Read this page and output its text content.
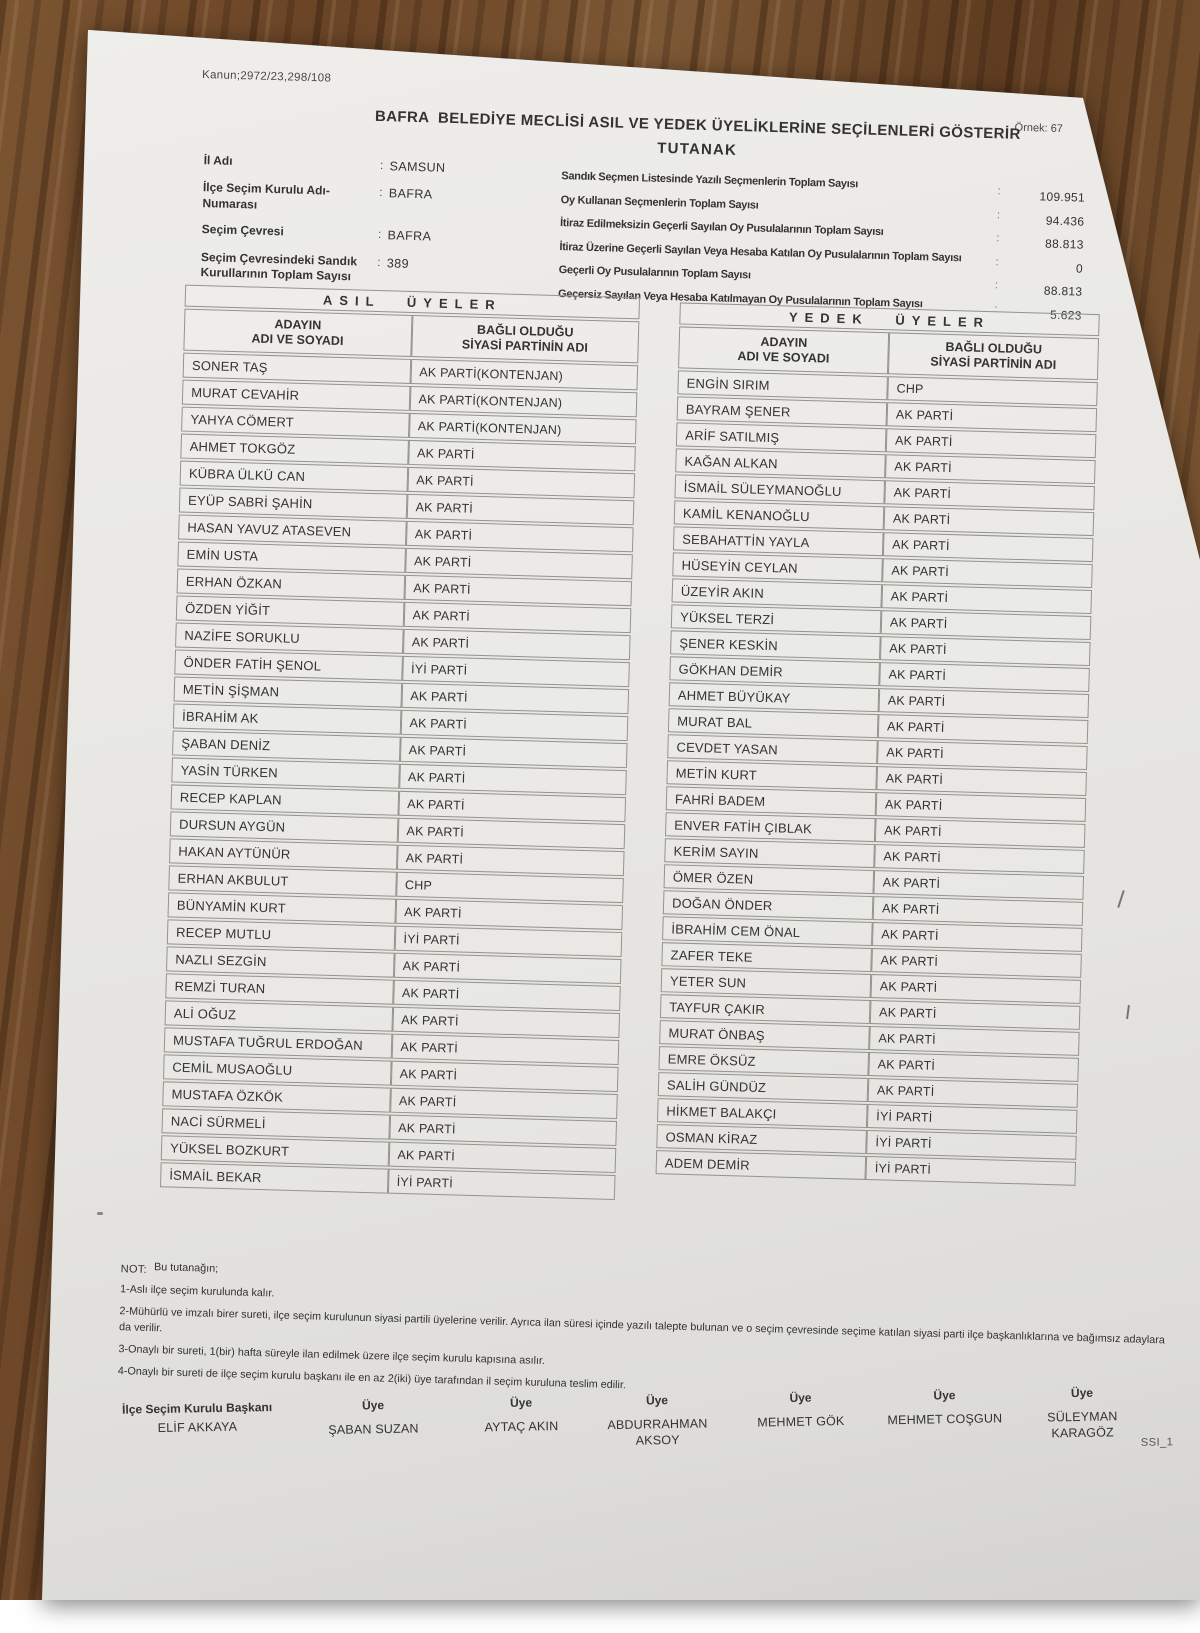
Kanun;2972/23,298/108
Örnek: 67
BAFRA  BELEDİYE MECLİSİ ASIL VE YEDEK ÜYELİKLERİNE SEÇİLENLERİ GÖSTERİR
TUTANAK
İl Adı	: SAMSUN
İlçe Seçim Kurulu Adı-Numarası
: BAFRA
Seçim Çevresi	: BAFRA
Seçim Çevresindeki Sandık Kurullarının Toplam Sayısı
: 389
Sandık Seçmen Listesinde Yazılı Seçmenlerin Toplam Sayısı
:	109.951
Oy Kullanan Seçmenlerin Toplam Sayısı
:	94.436
İtiraz Edilmeksizin Geçerli Sayılan Oy Pusulalarının Toplam Sayısı
:	88.813
İtiraz Üzerine Geçerli Sayılan Veya Hesaba Katılan Oy Pusulalarının Toplam Sayısı	:	0
Geçerli Oy Pusulalarının Toplam Sayısı
:	88.813
Geçersiz Sayılan Veya Hesaba Katılmayan Oy Pusulalarının Toplam Sayısı	:	5.623
ASIL ÜYELER	

ADAYIN
ADI VE SOYADI

BAĞLI OLDUĞU
SİYASİ PARTİNİN ADI

SONER TAŞ	AK PARTİ(KONTENJAN)
MURAT CEVAHİR	AK PARTİ(KONTENJAN)
YAHYA CÖMERT	AK PARTİ(KONTENJAN)
AHMET TOKGÖZ	AK PARTİ
KÜBRA ÜLKÜ CAN	AK PARTİ
EYÜP SABRİ ŞAHİN	AK PARTİ
HASAN YAVUZ ATASEVEN	AK PARTİ
EMİN USTA	AK PARTİ
ERHAN ÖZKAN	AK PARTİ
ÖZDEN YİĞİT	AK PARTİ
NAZİFE SORUKLU	AK PARTİ
ÖNDER FATİH ŞENOL	İYİ PARTİ
METİN ŞİŞMAN	AK PARTİ
İBRAHİM AK	AK PARTİ
ŞABAN DENİZ	AK PARTİ
YASİN TÜRKEN	AK PARTİ
RECEP KAPLAN	AK PARTİ
DURSUN AYGÜN	AK PARTİ
HAKAN AYTÜNÜR	AK PARTİ
ERHAN AKBULUT	CHP
BÜNYAMİN KURT	AK PARTİ
RECEP MUTLU	İYİ PARTİ
NAZLI SEZGİN	AK PARTİ
REMZİ TURAN	AK PARTİ
ALİ OĞUZ	AK PARTİ
MUSTAFA TUĞRUL ERDOĞAN	AK PARTİ
CEMİL MUSAOĞLU	AK PARTİ
MUSTAFA ÖZKÖK	AK PARTİ
NACİ SÜRMELİ	AK PARTİ
YÜKSEL BOZKURT	AK PARTİ
İSMAİL BEKAR	İYİ PARTİ
YEDEK ÜYELER	

ADAYIN
ADI VE SOYADI

BAĞLI OLDUĞU
SİYASİ PARTİNİN ADI

ENGİN SIRIM	CHP
BAYRAM ŞENER	AK PARTİ
ARİF SATILMIŞ	AK PARTİ
KAĞAN ALKAN	AK PARTİ
İSMAİL SÜLEYMANOĞLU	AK PARTİ
KAMİL KENANOĞLU	AK PARTİ
SEBAHATTİN YAYLA	AK PARTİ
HÜSEYİN CEYLAN	AK PARTİ
ÜZEYİR AKIN	AK PARTİ
YÜKSEL TERZİ	AK PARTİ
ŞENER KESKİN	AK PARTİ
GÖKHAN DEMİR	AK PARTİ
AHMET BÜYÜKAY	AK PARTİ
MURAT BAL	AK PARTİ
CEVDET YASAN	AK PARTİ
METİN KURT	AK PARTİ
FAHRİ BADEM	AK PARTİ
ENVER FATİH ÇIBLAK	AK PARTİ
KERİM SAYIN	AK PARTİ
ÖMER ÖZEN	AK PARTİ
DOĞAN ÖNDER	AK PARTİ
İBRAHİM CEM ÖNAL	AK PARTİ
ZAFER TEKE	AK PARTİ
YETER SUN	AK PARTİ
TAYFUR ÇAKIR	AK PARTİ
MURAT ÖNBAŞ	AK PARTİ
EMRE ÖKSÜZ	AK PARTİ
SALİH GÜNDÜZ	AK PARTİ
HİKMET BALAKÇI	İYİ PARTİ
OSMAN KİRAZ	İYİ PARTİ
ADEM DEMİR	İYİ PARTİ
NOT: Bu tutanağın;
1-Aslı ilçe seçim kurulunda kalır.
2-Mühürlü ve imzalı birer sureti, ilçe seçim kurulunun siyasi partili üyelerine verilir. Ayrıca ilan süresi içinde yazılı talepte bulunan ve o seçim çevresinde seçime katılan siyasi parti ilçe başkanlıklarına ve bağımsız adaylara da verilir.
3-Onaylı bir sureti, 1(bir) hafta süreyle ilan edilmek üzere ilçe seçim kurulu kapısına asılır.
4-Onaylı bir sureti de ilçe seçim kurulu başkanı ile en az 2(iki) üye tarafından il seçim kuruluna teslim edilir.
İlçe Seçim Kurulu Başkanı
ELİF AKKAYA
Üye
ŞABAN SUZAN
Üye
AYTAÇ AKIN
Üye
ABDURRAHMAN AKSOY
Üye
MEHMET GÖK
Üye
MEHMET COŞGUN
Üye
SÜLEYMAN KARAGÖZ
SSI_1
